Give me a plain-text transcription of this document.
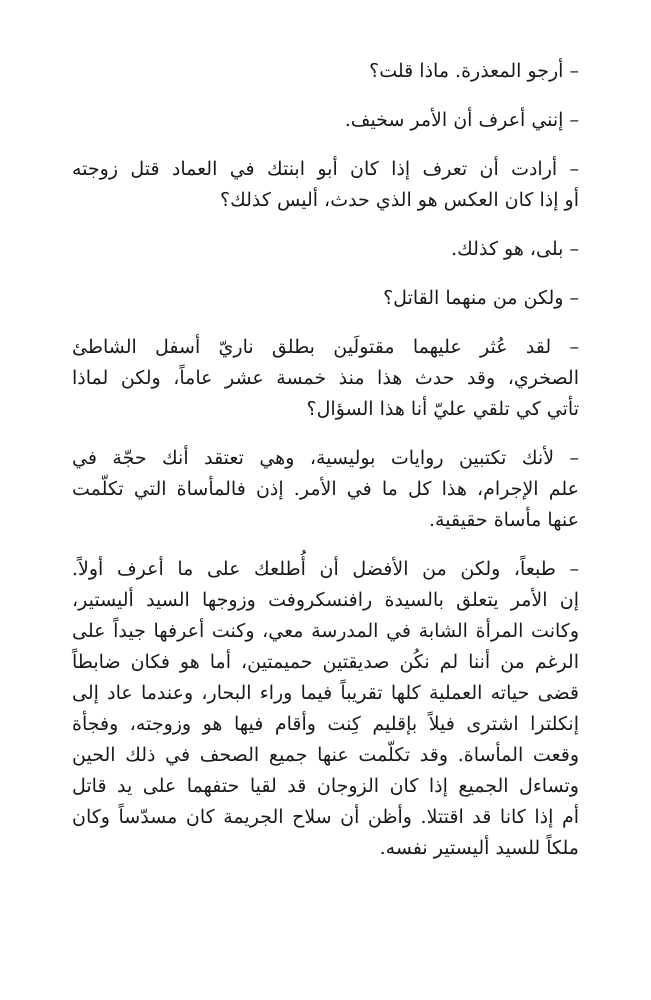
– أرجو المعذرة. ماذا قلت؟

– إنني أعرف أن الأمر سخيف.

– أرادت أن تعرف إذا كان أبو ابنتك في العماد قتل زوجته
أو إذا كان العكس هو الذي حدث، أليس كذلك؟

– بلى، هو كذلك.

– ولكن من منهما القاتل؟

– لقد عُثر عليهما مقتولَين بطلق ناريّ أسفل الشاطئ
الصخري، وقد حدث هذا منذ خمسة عشر عاماً، ولكن لماذا
تأتي كي تلقي عليّ أنا هذا السؤال؟

– لأنك تكتبين روايات بوليسية، وهي تعتقد أنك حجّة في
علم الإجرام، هذا كل ما في الأمر. إذن فالمأساة التي تكلّمت
عنها مأساة حقيقية.

– طبعاً، ولكن من الأفضل أن أُطلعك على ما أعرف أولاً.
إن الأمر يتعلق بالسيدة رافنسكروفت وزوجها السيد أليستير،
وكانت المرأة الشابة في المدرسة معي، وكنت أعرفها جيداً على
الرغم من أننا لم نكُن صديقتين حميمتين، أما هو فكان ضابطاً
قضى حياته العملية كلها تقريباً فيما وراء البحار، وعندما عاد إلى
إنكلترا اشترى فيلاً بإقليم كِنت وأقام فيها هو وزوجته، وفجأة
وقعت المأساة. وقد تكلّمت عنها جميع الصحف في ذلك الحين
وتساءل الجميع إذا كان الزوجان قد لقيا حتفهما على يد قاتل
أم إذا كانا قد اقتتلا. وأظن أن سلاح الجريمة كان مسدّساً وكان
ملكاً للسيد أليستير نفسه.
